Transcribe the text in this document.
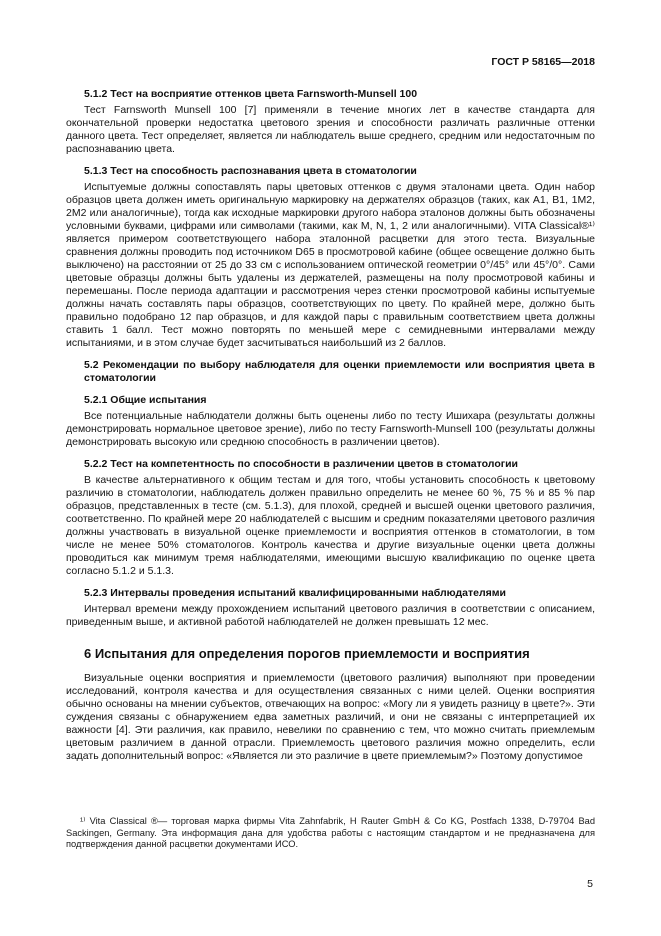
ГОСТ Р 58165—2018
5.1.2 Тест на восприятие оттенков цвета Farnsworth-Munsell 100

Тест Farnsworth Munsell 100 [7] применяли в течение многих лет в качестве стандарта для окончательной проверки недостатка цветового зрения и способности различать различные оттенки данного цвета. Тест определяет, является ли наблюдатель выше среднего, средним или недостаточным по распознаванию цвета.

5.1.3 Тест на способность распознавания цвета в стоматологии

Испытуемые должны сопоставлять пары цветовых оттенков с двумя эталонами цвета. Один набор образцов цвета должен иметь оригинальную маркировку на держателях образцов (таких, как А1, В1, 1М2, 2М2 или аналогичные), тогда как исходные маркировки другого набора эталонов должны быть обозначены условными буквами, цифрами или символами (такими, как М, N, 1, 2 или аналогичными). VITA Classical®¹⁾ является примером соответствующего набора эталонной расцветки для этого теста. Визуальные сравнения должны проводить под источником D65 в просмотровой кабине (общее освещение должно быть выключено) на расстоянии от 25 до 33 см с использованием оптической геометрии 0°/45° или 45°/0°. Сами цветовые образцы должны быть удалены из держателей, размещены на полу просмотровой кабины и перемешаны. После периода адаптации и рассмотрения через стенки просмотровой кабины испытуемые должны начать составлять пары образцов, соответствующих по цвету. По крайней мере, должно быть правильно подобрано 12 пар образцов, и для каждой пары с правильным соответствием цвета должны ставить 1 балл. Тест можно повторять по меньшей мере с семидневными интервалами между испытаниями, и в этом случае будет засчитываться наибольший из 2 баллов.

5.2 Рекомендации по выбору наблюдателя для оценки приемлемости или восприятия цвета в стоматологии
5.2.1 Общие испытания

Все потенциальные наблюдатели должны быть оценены либо по тесту Ишихара (результаты должны демонстрировать нормальное цветовое зрение), либо по тесту Farnsworth-Munsell 100 (результаты должны демонстрировать высокую или среднюю способность в различении цветов).

5.2.2 Тест на компетентность по способности в различении цветов в стоматологии

В качестве альтернативного к общим тестам и для того, чтобы установить способность к цветовому различию в стоматологии, наблюдатель должен правильно определить не менее 60 %, 75 % и 85 % пар образцов, представленных в тесте (см. 5.1.3), для плохой, средней и высшей оценки цветового различия, соответственно. По крайней мере 20 наблюдателей с высшим и средним показателями цветового различия должны участвовать в визуальной оценке приемлемости и восприятия оттенков в стоматологии, в том числе не менее 50% стоматологов. Контроль качества и другие визуальные оценки цвета должны проводиться как минимум тремя наблюдателями, имеющими высшую квалификацию по оценке цвета согласно 5.1.2 и 5.1.3.

5.2.3 Интервалы проведения испытаний квалифицированными наблюдателями

Интервал времени между прохождением испытаний цветового различия в соответствии с описанием, приведенным выше, и активной работой наблюдателей не должен превышать 12 мес.

6 Испытания для определения порогов приемлемости и восприятия

Визуальные оценки восприятия и приемлемости (цветового различия) выполняют при проведении исследований, контроля качества и для осуществления связанных с ними целей. Оценки восприятия обычно основаны на мнении субъектов, отвечающих на вопрос: «Могу ли я увидеть разницу в цвете?». Эти суждения связаны с обнаружением едва заметных различий, и они не связаны с интерпретацией их важности [4]. Эти различия, как правило, невелики по сравнению с тем, что можно считать приемлемым цветовым различием в данной отрасли. Приемлемость цветового различия можно определить, если задать дополнительный вопрос: «Является ли это различие в цвете приемлемым?» Поэтому допустимое

¹⁾ Vita Classical ®— торговая марка фирмы Vita Zahnfabrik, H Rauter GmbH & Co KG, Postfach 1338, D-79704 Bad Sackingen, Germany. Эта информация дана для удобства работы с настоящим стандартом и не предназначена для подтверждения данной расцветки документами ИСО.
5
